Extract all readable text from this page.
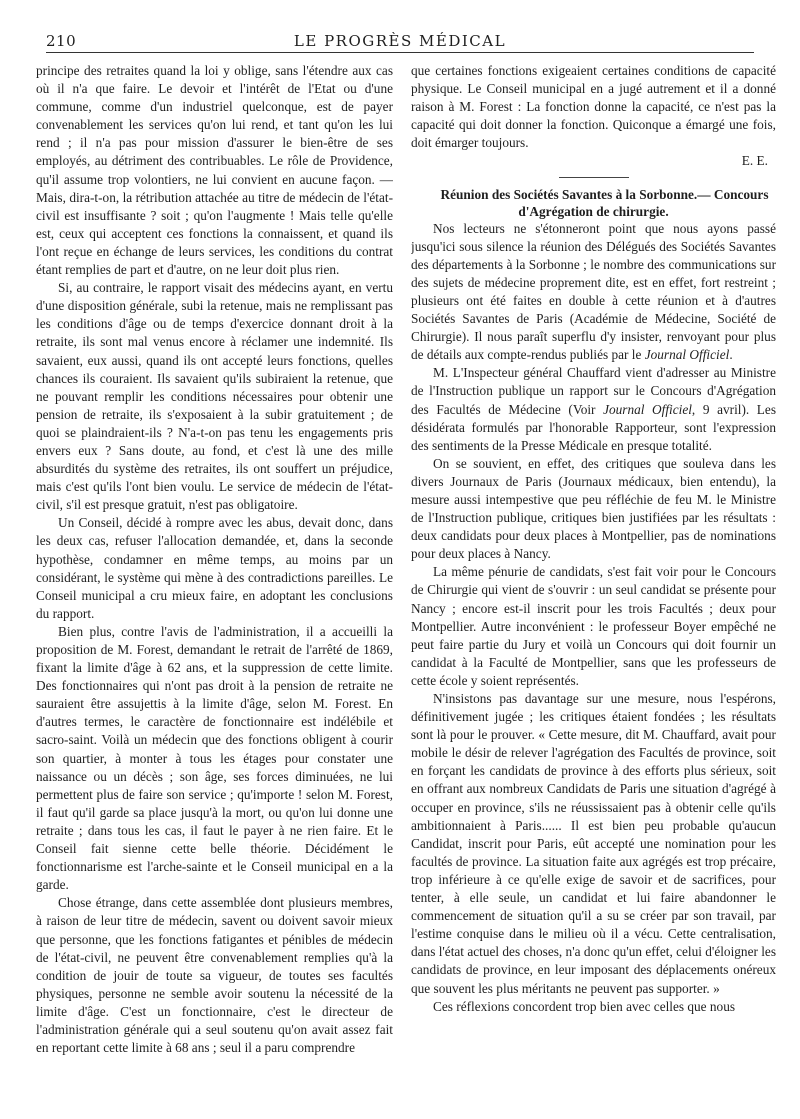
210	LE PROGRÈS MÉDICAL

principe des retraites quand la loi y oblige, sans l'étendre aux cas où il n'a que faire. Le devoir et l'intérêt de l'Etat ou d'une commune, comme d'un industriel quelconque, est de payer convenablement les services qu'on lui rend, et tant qu'on les lui rend ; il n'a pas pour mission d'assurer le bien-être de ses employés, au détriment des contribuables. Le rôle de Providence, qu'il assume trop volontiers, ne lui convient en aucune façon. — Mais, dira-t-on, la rétribution attachée au titre de médecin de l'état-civil est insuffisante ? soit ; qu'on l'augmente ! Mais telle qu'elle est, ceux qui acceptent ces fonctions la connaissent, et quand ils l'ont reçue en échange de leurs services, les conditions du contrat étant remplies de part et d'autre, on ne leur doit plus rien.

Si, au contraire, le rapport visait des médecins ayant, en vertu d'une disposition générale, subi la retenue, mais ne remplissant pas les conditions d'âge ou de temps d'exercice donnant droit à la retraite, ils sont mal venus encore à réclamer une indemnité. Ils savaient, eux aussi, quand ils ont accepté leurs fonctions, quelles chances ils couraient. Ils savaient qu'ils subiraient la retenue, que ne pouvant remplir les conditions nécessaires pour obtenir une pension de retraite, ils s'exposaient à la subir gratuitement ; de quoi se plaindraient-ils ? N'a-t-on pas tenu les engagements pris envers eux ? Sans doute, au fond, et c'est là une des mille absurdités du système des retraites, ils ont souffert un préjudice, mais c'est qu'ils l'ont bien voulu. Le service de médecin de l'état-civil, s'il est presque gratuit, n'est pas obligatoire.

Un Conseil, décidé à rompre avec les abus, devait donc, dans les deux cas, refuser l'allocation demandée, et, dans la seconde hypothèse, condamner en même temps, au moins par un considérant, le système qui mène à des contradictions pareilles. Le Conseil municipal a cru mieux faire, en adoptant les conclusions du rapport.

Bien plus, contre l'avis de l'administration, il a accueilli la proposition de M. Forest, demandant le retrait de l'arrêté de 1869, fixant la limite d'âge à 62 ans, et la suppression de cette limite. Des fonctionnaires qui n'ont pas droit à la pension de retraite ne sauraient être assujettis à la limite d'âge, selon M. Forest. En d'autres termes, le caractère de fonctionnaire est indélébile et sacro-saint. Voilà un médecin que des fonctions obligent à courir son quartier, à monter à tous les étages pour constater une naissance ou un décès ; son âge, ses forces diminuées, ne lui permettent plus de faire son service ; qu'importe ! selon M. Forest, il faut qu'il garde sa place jusqu'à la mort, ou qu'on lui donne une retraite ; dans tous les cas, il faut le payer à ne rien faire. Et le Conseil fait sienne cette belle théorie. Décidément le fonctionnarisme est l'arche-sainte et le Conseil municipal en a la garde.

Chose étrange, dans cette assemblée dont plusieurs membres, à raison de leur titre de médecin, savent ou doivent savoir mieux que personne, que les fonctions fatigantes et pénibles de médecin de l'état-civil, ne peuvent être convenablement remplies qu'à la condition de jouir de toute sa vigueur, de toutes ses facultés physiques, personne ne semble avoir soutenu la nécessité de la limite d'âge. C'est un fonctionnaire, c'est le directeur de l'administration générale qui a seul soutenu qu'on avait assez fait en reportant cette limite à 68 ans ; seul il a paru comprendre

que certaines fonctions exigeaient certaines conditions de capacité physique. Le Conseil municipal en a jugé autrement et il a donné raison à M. Forest : La fonction donne la capacité, ce n'est pas la capacité qui doit donner la fonction. Quiconque a émargé une fois, doit émarger toujours.

E. E.

Réunion des Sociétés Savantes à la Sorbonne.— Concours d'Agrégation de chirurgie.

Nos lecteurs ne s'étonneront point que nous ayons passé jusqu'ici sous silence la réunion des Délégués des Sociétés Savantes des départements à la Sorbonne ; le nombre des communications sur des sujets de médecine proprement dite, est en effet, fort restreint ; plusieurs ont été faites en double à cette réunion et à d'autres Sociétés Savantes de Paris (Académie de Médecine, Société de Chirurgie). Il nous paraît superflu d'y insister, renvoyant pour plus de détails aux compte-rendus publiés par le Journal Officiel.

M. L'Inspecteur général Chauffard vient d'adresser au Ministre de l'Instruction publique un rapport sur le Concours d'Agrégation des Facultés de Médecine (Voir Journal Officiel, 9 avril). Les désidérata formulés par l'honorable Rapporteur, sont l'expression des sentiments de la Presse Médicale en presque totalité.

On se souvient, en effet, des critiques que souleva dans les divers Journaux de Paris (Journaux médicaux, bien entendu), la mesure aussi intempestive que peu réfléchie de feu M. le Ministre de l'Instruction publique, critiques bien justifiées par les résultats : deux candidats pour deux places à Montpellier, pas de nominations pour deux places à Nancy.

La même pénurie de candidats, s'est fait voir pour le Concours de Chirurgie qui vient de s'ouvrir : un seul candidat se présente pour Nancy ; encore est-il inscrit pour les trois Facultés ; deux pour Montpellier. Autre inconvénient : le professeur Boyer empêché ne peut faire partie du Jury et voilà un Concours qui doit fournir un candidat à la Faculté de Montpellier, sans que les professeurs de cette école y soient représentés.

N'insistons pas davantage sur une mesure, nous l'espérons, définitivement jugée ; les critiques étaient fondées ; les résultats sont là pour le prouver. « Cette mesure, dit M. Chauffard, avait pour mobile le désir de relever l'agrégation des Facultés de province, soit en forçant les candidats de province à des efforts plus sérieux, soit en offrant aux nombreux Candidats de Paris une situation d'agrégé à occuper en province, s'ils ne réussissaient pas à obtenir celle qu'ils ambitionnaient à Paris...... Il est bien peu probable qu'aucun Candidat, inscrit pour Paris, eût accepté une nomination pour les facultés de province. La situation faite aux agrégés est trop précaire, trop inférieure à ce qu'elle exige de savoir et de sacrifices, pour tenter, à elle seule, un candidat et lui faire abandonner le commencement de situation qu'il a su se créer par son travail, par l'estime conquise dans le milieu où il a vécu. Cette centralisation, dans l'état actuel des choses, n'a donc qu'un effet, celui d'éloigner les candidats de province, en leur imposant des déplacements onéreux que souvent les plus méritants ne peuvent pas supporter. »

Ces réflexions concordent trop bien avec celles que nous
